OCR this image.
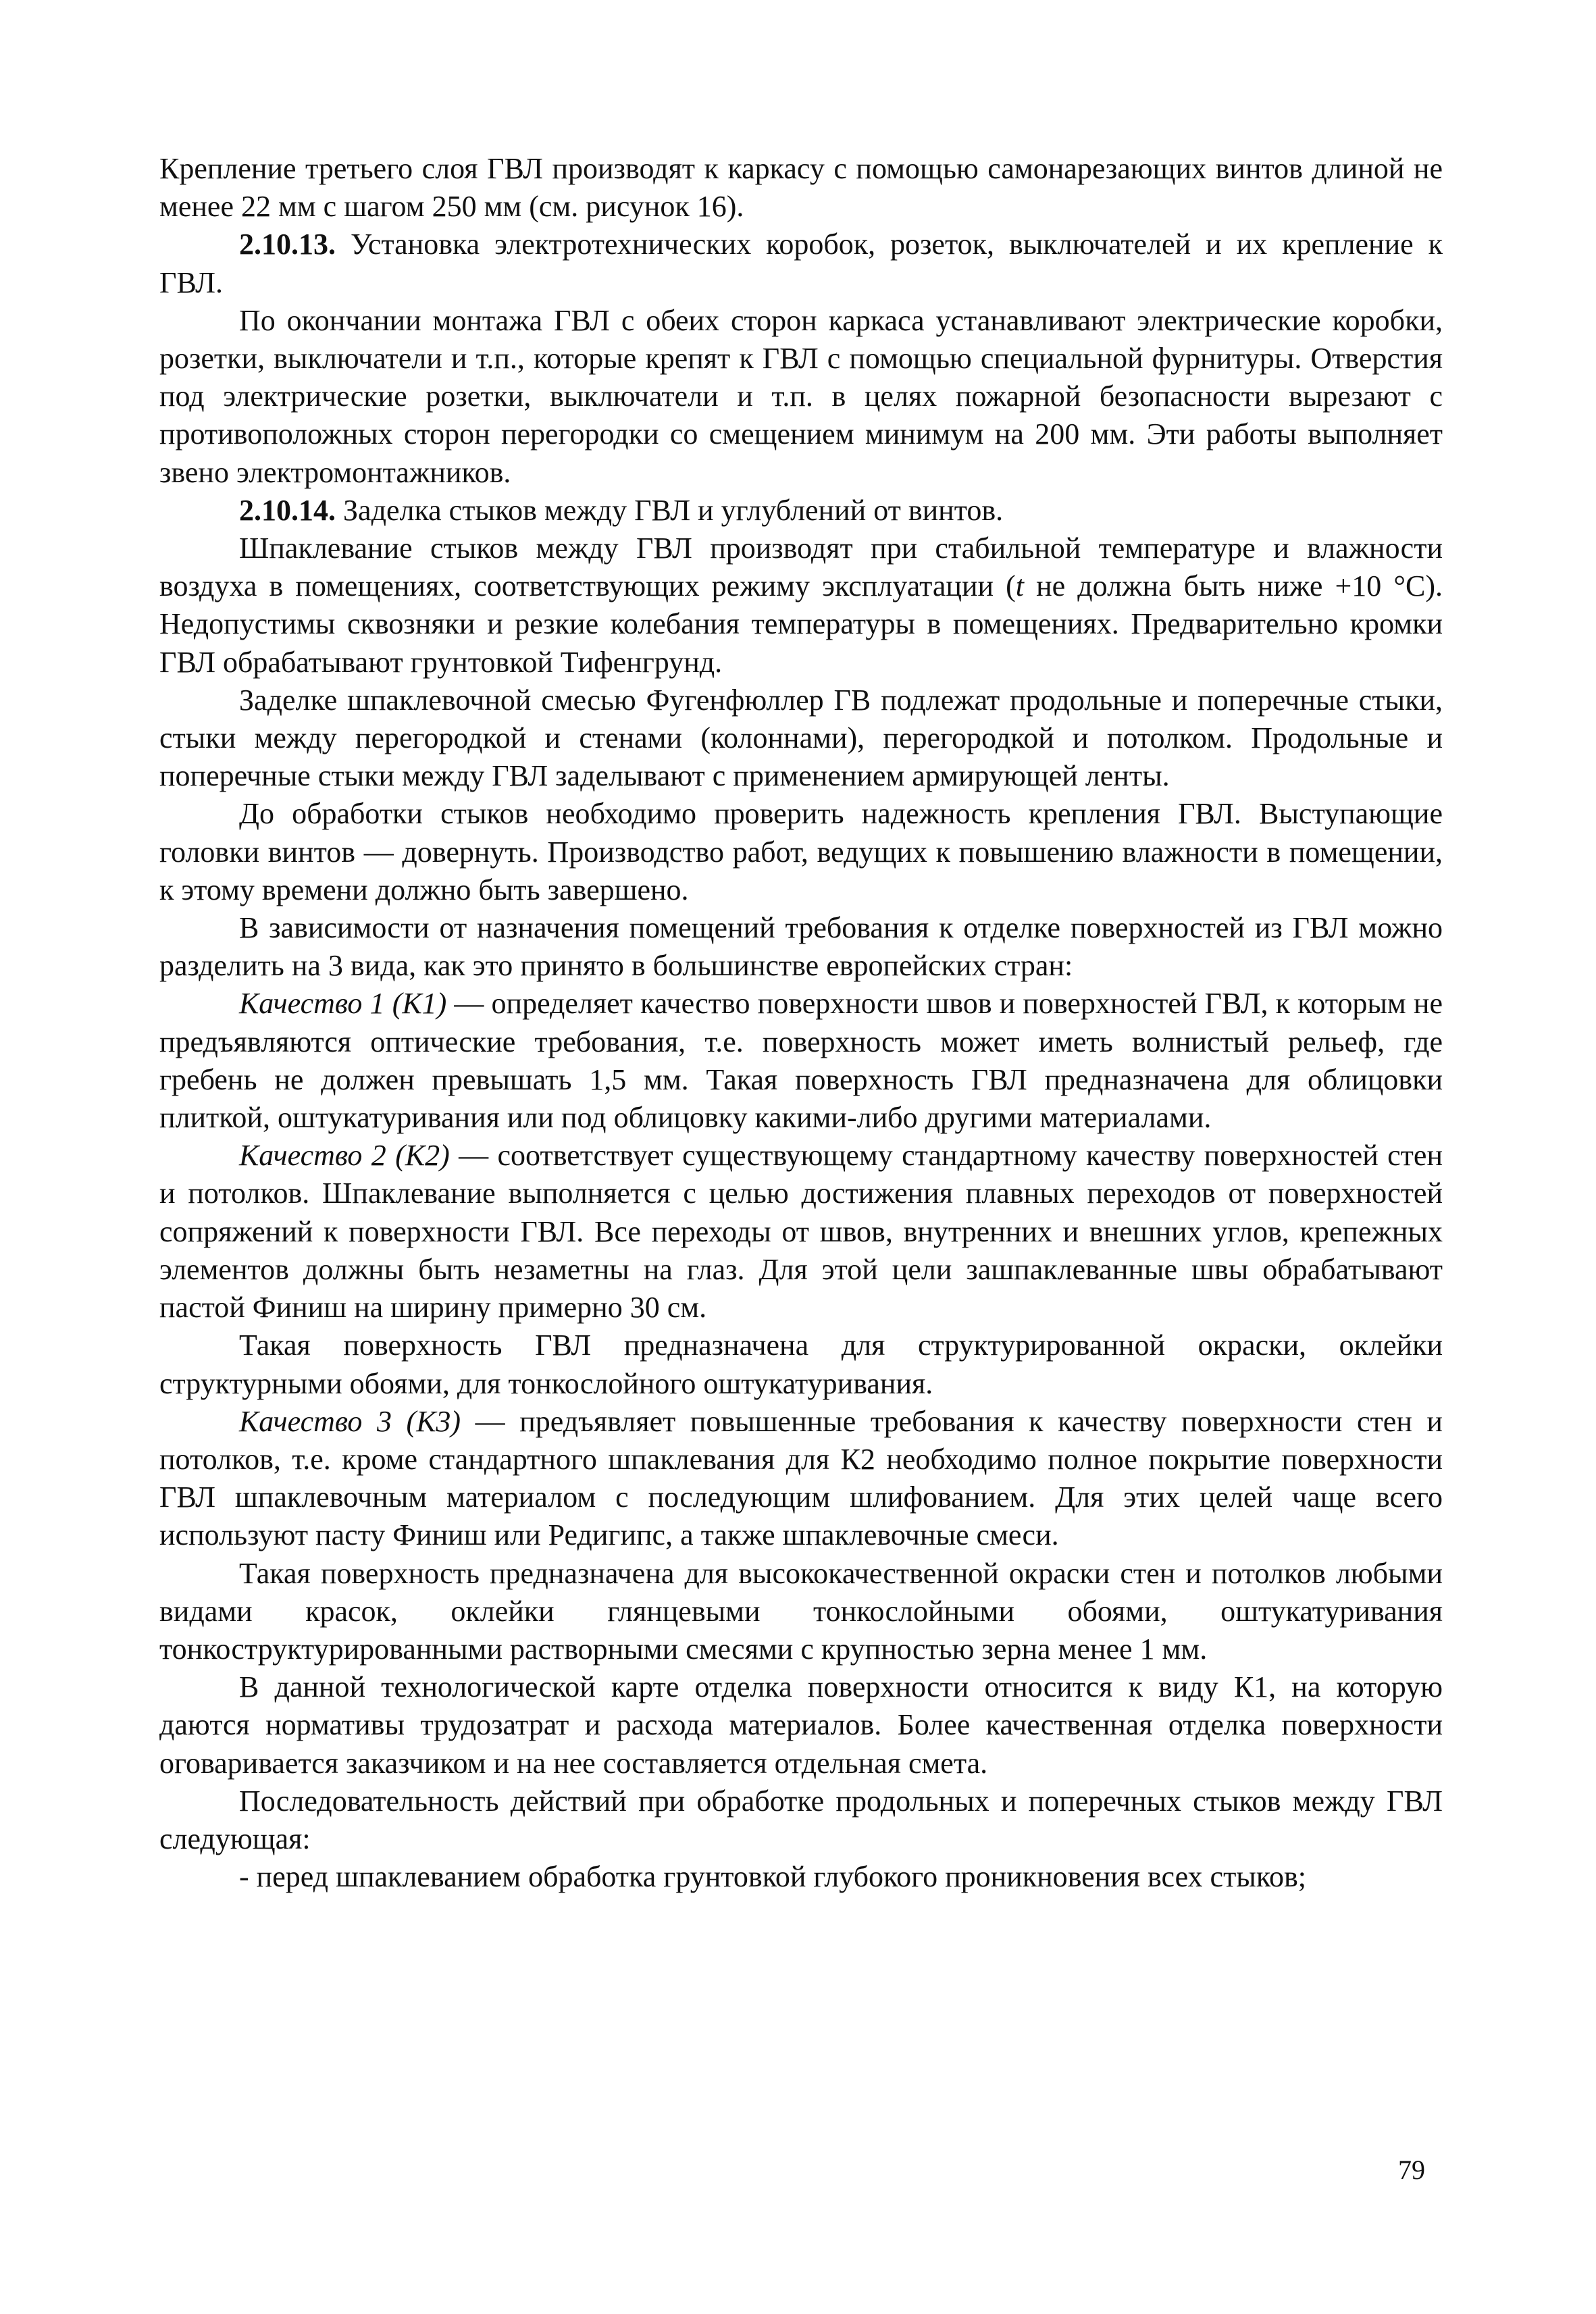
Крепление третьего слоя ГВЛ производят к каркасу с помощью самонарезающих винтов длиной не менее 22 мм с шагом 250 мм (см. рисунок 16).

2.10.13. Установка электротехнических коробок, розеток, выключателей и их крепление к ГВЛ.

По окончании монтажа ГВЛ с обеих сторон каркаса устанавливают электрические коробки, розетки, выключатели и т.п., которые крепят к ГВЛ с помощью специальной фурнитуры. Отверстия под электрические розетки, выключатели и т.п. в целях пожарной безопасности вырезают с противоположных сторон перегородки со смещением минимум на 200 мм. Эти работы выполняет звено электромонтажников.

2.10.14. Заделка стыков между ГВЛ и углублений от винтов.

Шпаклевание стыков между ГВЛ производят при стабильной температуре и влажности воздуха в помещениях, соответствующих режиму эксплуатации (t не должна быть ниже +10 °С). Недопустимы сквозняки и резкие колебания температуры в помещениях. Предварительно кромки ГВЛ обрабатывают грунтовкой Тифенгрунд.

Заделке шпаклевочной смесью Фугенфюллер ГВ подлежат продольные и поперечные стыки, стыки между перегородкой и стенами (колоннами), перегородкой и потолком. Продольные и поперечные стыки между ГВЛ заделывают с применением армирующей ленты.

До обработки стыков необходимо проверить надежность крепления ГВЛ. Выступающие головки винтов — довернуть. Производство работ, ведущих к повышению влажности в помещении, к этому времени должно быть завершено.

В зависимости от назначения помещений требования к отделке поверхностей из ГВЛ можно разделить на 3 вида, как это принято в большинстве европейских стран:

Качество 1 (К1) — определяет качество поверхности швов и поверхностей ГВЛ, к которым не предъявляются оптические требования, т.е. поверхность может иметь волнистый рельеф, где гребень не должен превышать 1,5 мм. Такая поверхность ГВЛ предназначена для облицовки плиткой, оштукатуривания или под облицовку какими-либо другими материалами.

Качество 2 (К2) — соответствует существующему стандартному качеству поверхностей стен и потолков. Шпаклевание выполняется с целью достижения плавных переходов от поверхностей сопряжений к поверхности ГВЛ. Все переходы от швов, внутренних и внешних углов, крепежных элементов должны быть незаметны на глаз. Для этой цели зашпаклеванные швы обрабатывают пастой Финиш на ширину примерно 30 см.

Такая поверхность ГВЛ предназначена для структурированной окраски, оклейки структурными обоями, для тонкослойного оштукатуривания.

Качество 3 (К3) — предъявляет повышенные требования к качеству поверхности стен и потолков, т.е. кроме стандартного шпаклевания для К2 необходимо полное покрытие поверхности ГВЛ шпаклевочным материалом с последующим шлифованием. Для этих целей чаще всего используют пасту Финиш или Редигипс, а также шпаклевочные смеси.

Такая поверхность предназначена для высококачественной окраски стен и потолков любыми видами красок, оклейки глянцевыми тонкослойными обоями, оштукатуривания тонкоструктурированными растворными смесями с крупностью зерна менее 1 мм.

В данной технологической карте отделка поверхности относится к виду К1, на которую даются нормативы трудозатрат и расхода материалов. Более качественная отделка поверхности оговаривается заказчиком и на нее составляется отдельная смета.

Последовательность действий при обработке продольных и поперечных стыков между ГВЛ следующая:

- перед шпаклеванием обработка грунтовкой глубокого проникновения всех стыков;

79
